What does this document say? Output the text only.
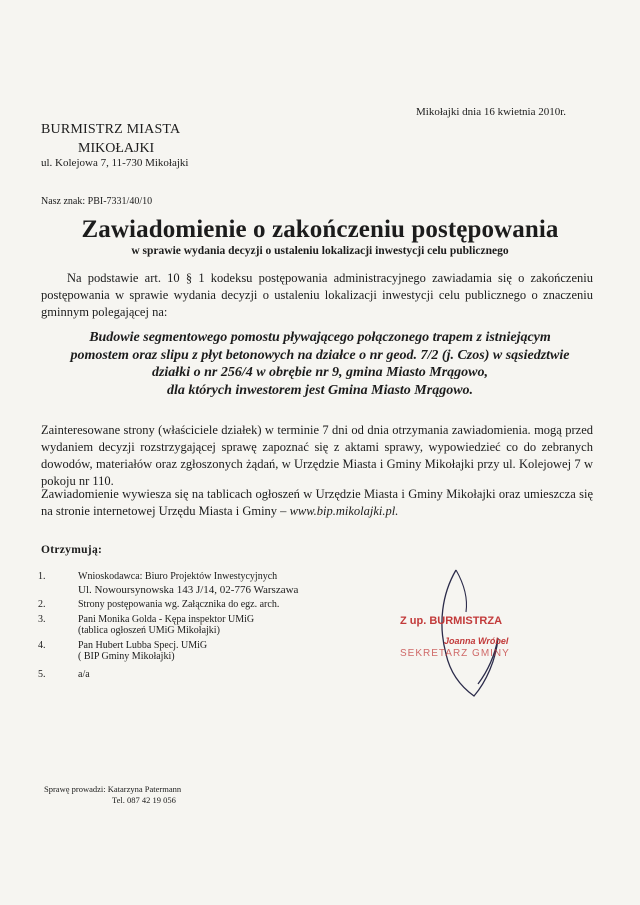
Mikołajki dnia 16 kwietnia 2010r.
BURMISTRZ MIASTA
MIKOŁAJKI
ul. Kolejowa 7, 11-730 Mikołajki
Nasz znak: PBI-7331/40/10
Zawiadomienie o zakończeniu postępowania
w sprawie wydania decyzji o ustaleniu lokalizacji inwestycji celu publicznego
Na podstawie art. 10 § 1 kodeksu postępowania administracyjnego zawiadamia się o zakończeniu postępowania w sprawie wydania decyzji o ustaleniu lokalizacji inwestycji celu publicznego o znaczeniu gminnym polegającej na:
Budowie segmentowego pomostu pływającego połączonego trapem z istniejącym
pomostem oraz slipu z płyt betonowych na działce o nr geod. 7/2 (j. Czos) w sąsiedztwie
działki o nr 256/4 w obrębie nr 9, gmina Miasto Mrągowo,
dla których inwestorem jest Gmina Miasto Mrągowo.
Zainteresowane strony (właściciele działek) w terminie 7 dni od dnia otrzymania zawiadomienia. mogą przed wydaniem decyzji rozstrzygającej sprawę zapoznać się z aktami sprawy, wypowiedzieć co do zebranych dowodów, materiałów oraz zgłoszonych żądań, w Urzędzie Miasta i Gminy Mikołajki przy ul. Kolejowej 7 w pokoju nr 110.
Zawiadomienie wywiesza się na tablicach ogłoszeń w Urzędzie Miasta i Gminy Mikołajki oraz umieszcza się na stronie internetowej Urzędu Miasta i Gminy – www.bip.mikolajki.pl.
Otrzymują:
1.	Wnioskodawca: Biuro Projektów Inwestycyjnych
Ul. Nowoursynowska 143 J/14, 02-776 Warszawa
2.	Strony postępowania wg. Załącznika do egz. arch.
3.	Pani Monika Golda - Kępa inspektor UMiG
(tablica ogłoszeń UMiG Mikołajki)
4.	Pan Hubert Lubba Specj. UMiG
( BIP Gminy Mikołajki)
5.	a/a
Z up. BURMISTRZA
Joanna Wróbel
SEKRETARZ GMINY
Sprawę prowadzi: Katarzyna Patermann
Tel. 087 42 19 056
